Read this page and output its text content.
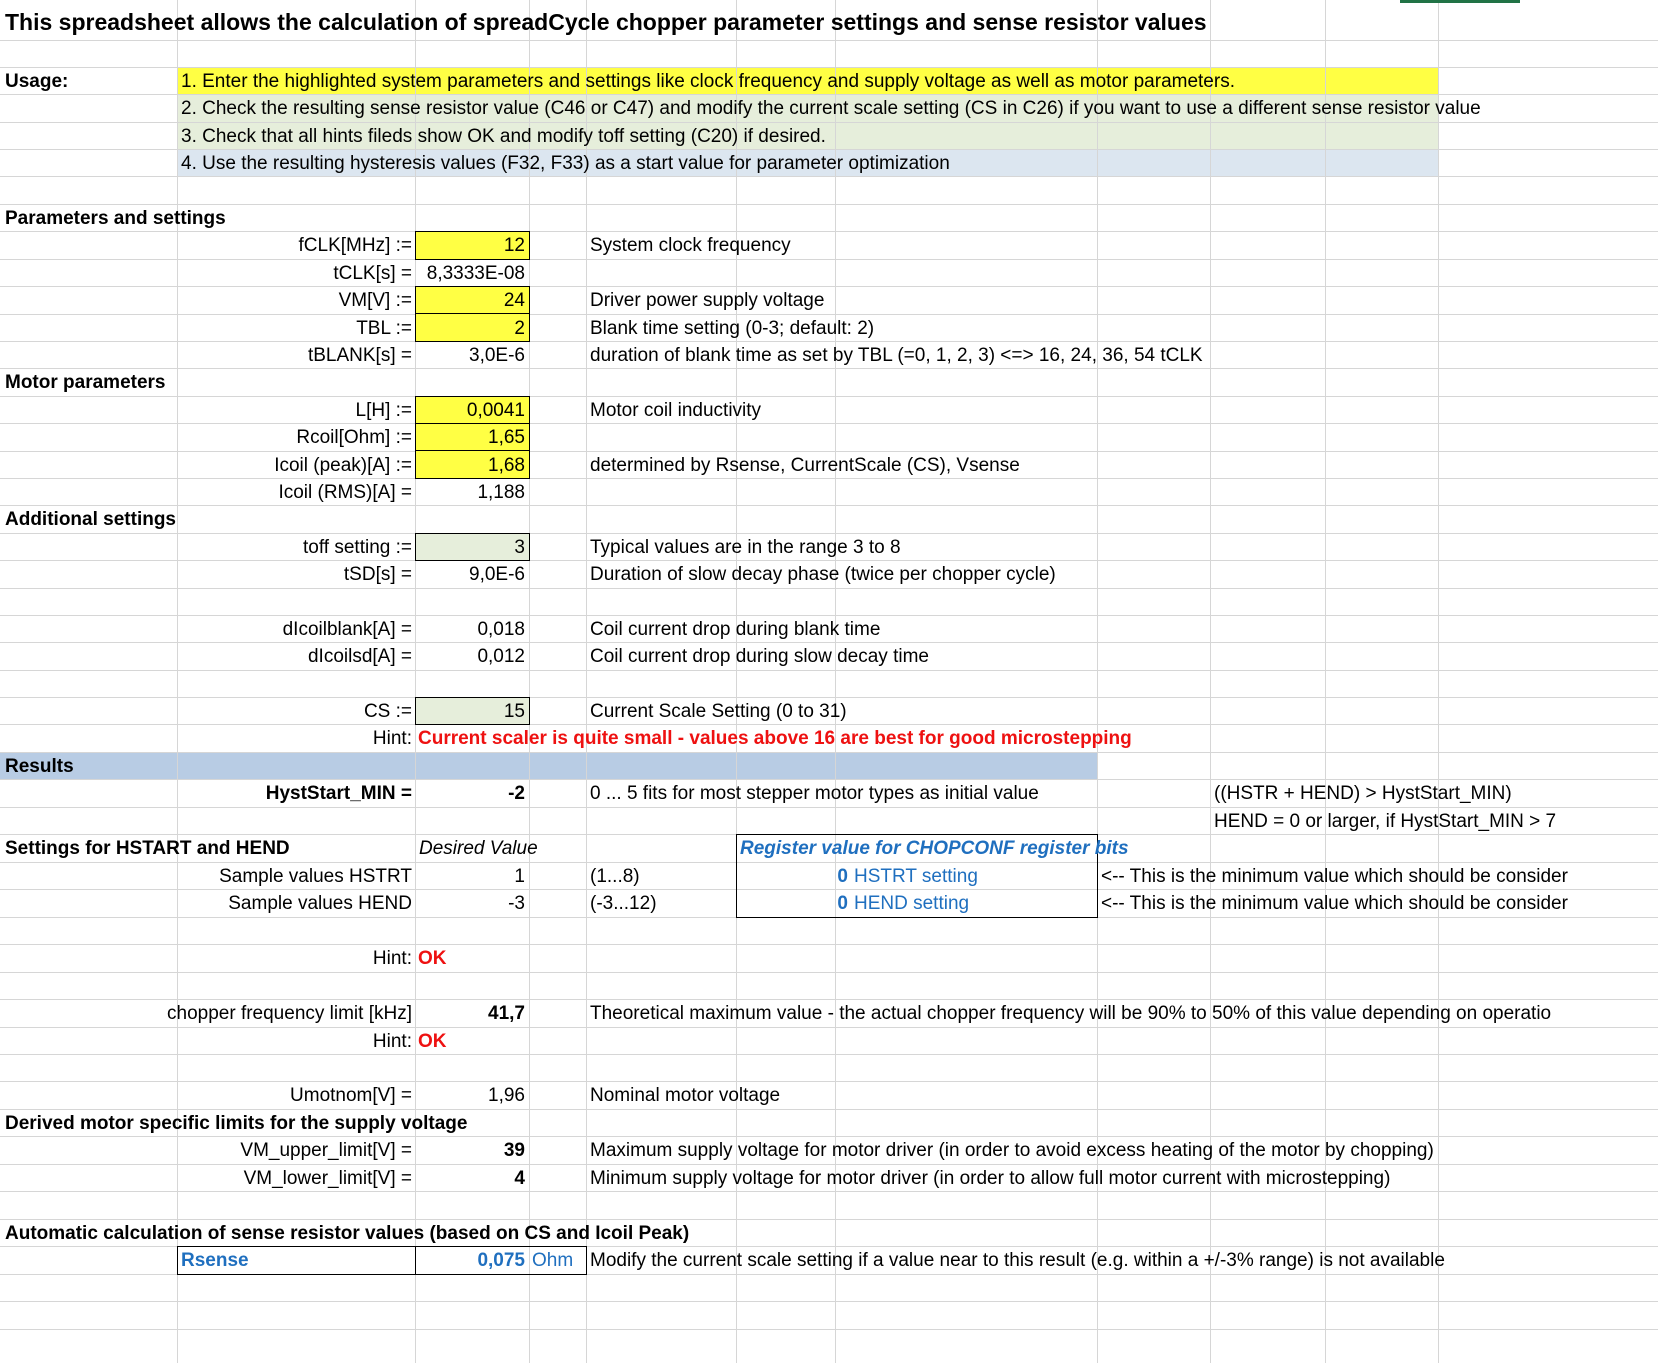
This spreadsheet allows the calculation of spreadCycle chopper parameter settings and sense resistor values
Usage:	1. Enter the highlighted system parameters and settings like clock frequency and supply voltage as well as motor parameters.
2. Check the resulting sense resistor value (C46 or C47) and modify the current scale setting (CS in C26) if you want to use a different sense resistor value
3. Check that all hints fileds show OK and modify toff setting (C20) if desired.
4. Use the resulting hysteresis values (F32, F33) as a start value for parameter optimization
Parameters and settings
fCLK[MHz] :=	12	System clock frequency
tCLK[s] = 8,3333E-08
VM[V] :=	24	Driver power supply voltage
TBL :=	2	Blank time setting (0-3; default: 2)
tBLANK[s] =	3,0E-6	duration of blank time as set by TBL (=0, 1, 2, 3) <=> 16, 24, 36, 54 tCLK
Motor parameters
L[H] :=	0,0041	Motor coil inductivity
Rcoil[Ohm] :=	1,65
Icoil (peak)[A] :=	1,68	determined by Rsense, CurrentScale (CS), Vsense
Icoil (RMS)[A] =	1,188
Additional settings
toff setting :=	3	Typical values are in the range 3 to 8
tSD[s] =	9,0E-6	Duration of slow decay phase (twice per chopper cycle)
dIcoilblank[A] =	0,018	Coil current drop during blank time
dIcoilsd[A] =	0,012	Coil current drop during slow decay time
CS :=	15	Current Scale Setting (0 to 31)
Hint: Current scaler is quite small - values above 16 are best for good microstepping
Results
HystStart_MIN =	-2	0 ... 5 fits for most stepper motor types as initial value	((HSTR + HEND) > HystStart_MIN)
HEND = 0 or larger, if HystStart_MIN > 7
Settings for HSTART and HEND	Desired Value	Register value for CHOPCONF register bits
Sample values HSTRT	1	(1...8)	0 HSTRT setting	<-- This is the minimum value which should be consider
Sample values HEND	-3	(-3...12)	0 HEND setting	<-- This is the minimum value which should be consider
Hint: OK
chopper frequency limit [kHz]	41,7	Theoretical maximum value - the actual chopper frequency will be 90% to 50% of this value depending on operatio
Hint: OK
Umotnom[V] =	1,96	Nominal motor voltage
Derived motor specific limits for the supply voltage
VM_upper_limit[V] =	39	Maximum supply voltage for motor driver (in order to avoid excess heating of the motor by chopping)
VM_lower_limit[V] =	4	Minimum supply voltage for motor driver (in order to allow full motor current with microstepping)
Automatic calculation of sense resistor values (based on CS and Icoil Peak)
Rsense	0,075 Ohm Modify the current scale setting if a value near to this result (e.g. within a +/-3% range) is not available
